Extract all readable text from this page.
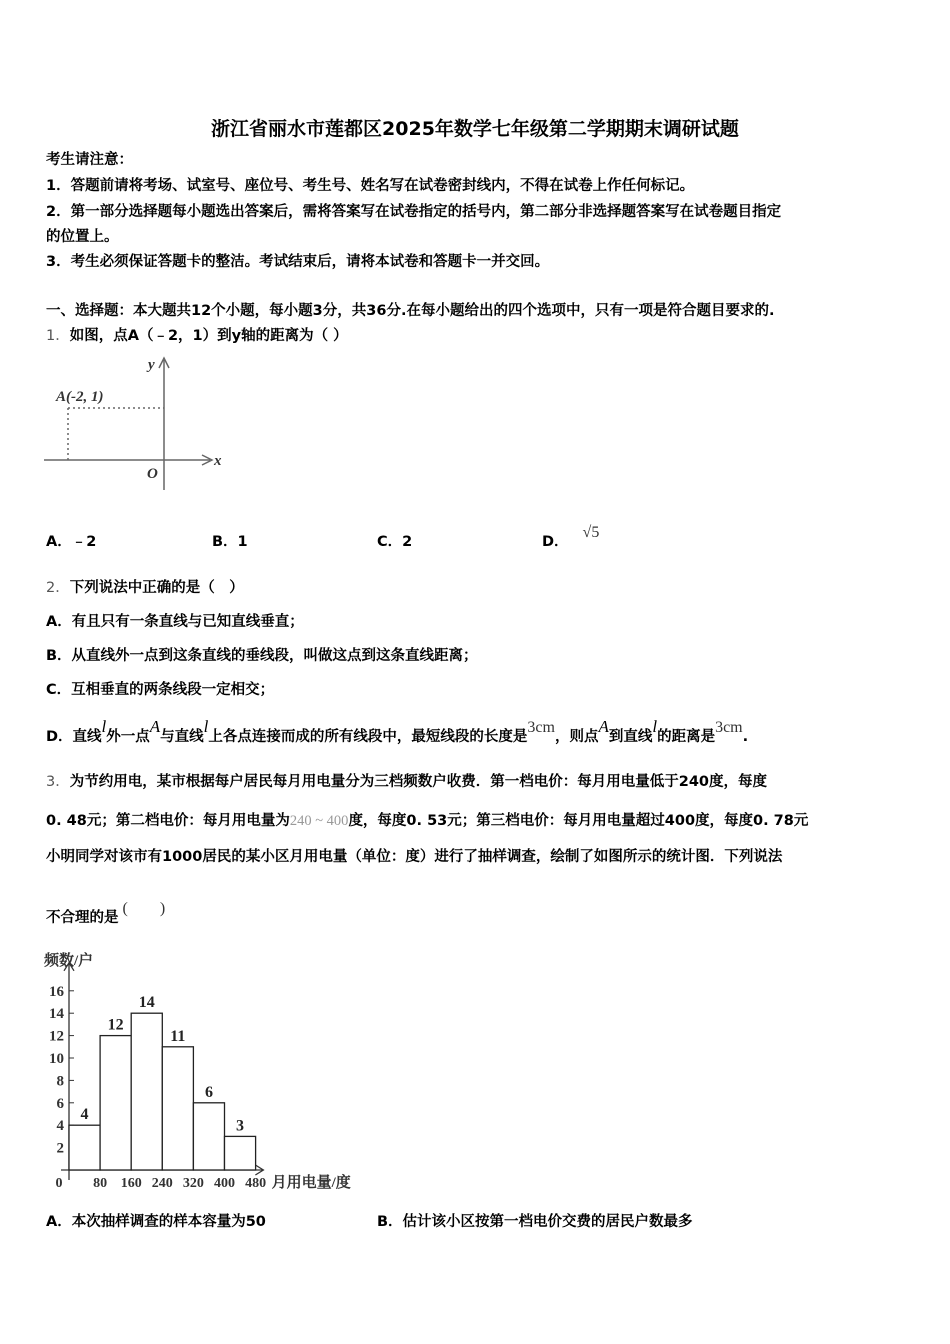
浙江省丽水市莲都区2025年数学七年级第二学期期末调研试题
考生请注意：
1．答题前请将考场、试室号、座位号、考生号、姓名写在试卷密封线内，不得在试卷上作任何标记。
2．第一部分选择题每小题选出答案后，需将答案写在试卷指定的括号内，第二部分非选择题答案写在试卷题目指定
的位置上。
3．考生必须保证答题卡的整洁。考试结束后，请将本试卷和答题卡一并交回。
一、选择题：本大题共12个小题，每小题3分，共36分.在每小题给出的四个选项中，只有一项是符合题目要求的.
1．如图，点A（﹣2，1）到y轴的距离为（ ）
A(-2, 1)
y
x
O
A．﹣2	B．1	C．2	D．√5
2．下列说法中正确的是（　）
A．有且只有一条直线与已知直线垂直；
B．从直线外一点到这条直线的垂线段，叫做这点到这条直线距离；
C．互相垂直的两条线段一定相交；
D．直线l外一点A与直线l上各点连接而成的所有线段中，最短线段的长度是3cm，则点A到直线l的距离是3cm.
3．为节约用电，某市根据每户居民每月用电量分为三档频数户收费．第一档电价：每月用电量低于240度，每度
0. 48元；第二档电价：每月用电量为240 ~ 400度，每度0. 53元；第三档电价：每月用电量超过400度，每度0. 78元
小明同学对该市有1000居民的某小区月用电量（单位：度）进行了抽样调查，绘制了如图所示的统计图．下列说法
不合理的是(　　)
频数/户
月用电量/度
2
4
6
8
10
12
14
16
0 80 160 240 320 400 480
4
12
14
11
6
3
A．本次抽样调查的样本容量为50	B．估计该小区按第一档电价交费的居民户数最多
